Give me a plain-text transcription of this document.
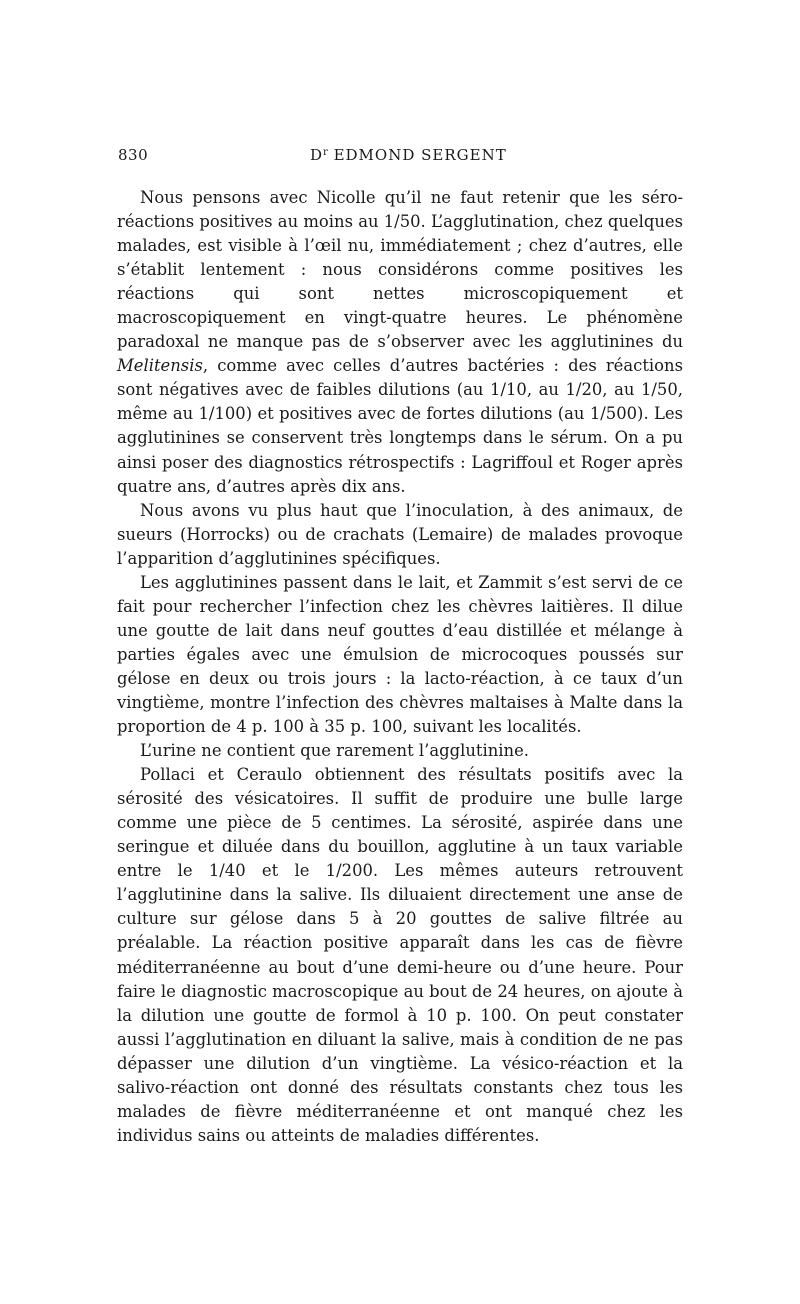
830	$D^r$ EDMOND SERGENT

Nous pensons avec Nicolle qu’il ne faut retenir que les séro-réactions positives au moins au 1/50. L’agglutination, chez quelques malades, est visible à l’œil nu, immédiatement ; chez d’autres, elle s’établit lentement : nous considérons comme positives les réactions qui sont nettes microscopiquement et macroscopiquement en vingt-quatre heures. Le phénomène paradoxal ne manque pas de s’observer avec les agglutinines du Melitensis, comme avec celles d’autres bactéries : des réactions sont négatives avec de faibles dilutions (au 1/10, au 1/20, au 1/50, même au 1/100) et positives avec de fortes dilutions (au 1/500). Les agglutinines se conservent très longtemps dans le sérum. On a pu ainsi poser des diagnostics rétrospectifs : Lagriffoul et Roger après quatre ans, d’autres après dix ans.

Nous avons vu plus haut que l’inoculation, à des animaux, de sueurs (Horrocks) ou de crachats (Lemaire) de malades provoque l’apparition d’agglutinines spécifiques.

Les agglutinines passent dans le lait, et Zammit s’est servi de ce fait pour rechercher l’infection chez les chèvres laitières. Il dilue une goutte de lait dans neuf gouttes d’eau distillée et mélange à parties égales avec une émulsion de microcoques poussés sur gélose en deux ou trois jours : la lacto-réaction, à ce taux d’un vingtième, montre l’infection des chèvres maltaises à Malte dans la proportion de 4 p. 100 à 35 p. 100, suivant les localités.

L’urine ne contient que rarement l’agglutinine.

Pollaci et Ceraulo obtiennent des résultats positifs avec la sérosité des vésicatoires. Il suffit de produire une bulle large comme une pièce de 5 centimes. La sérosité, aspirée dans une seringue et diluée dans du bouillon, agglutine à un taux variable entre le 1/40 et le 1/200. Les mêmes auteurs retrouvent l’agglutinine dans la salive. Ils diluaient directement une anse de culture sur gélose dans 5 à 20 gouttes de salive filtrée au préalable. La réaction positive apparaît dans les cas de fièvre méditerranéenne au bout d’une demi-heure ou d’une heure. Pour faire le diagnostic macroscopique au bout de 24 heures, on ajoute à la dilution une goutte de formol à 10 p. 100. On peut constater aussi l’agglutination en diluant la salive, mais à condition de ne pas dépasser une dilution d’un vingtième. La vésico-réaction et la salivo-réaction ont donné des résultats constants chez tous les malades de fièvre méditerranéenne et ont manqué chez les individus sains ou atteints de maladies différentes.
